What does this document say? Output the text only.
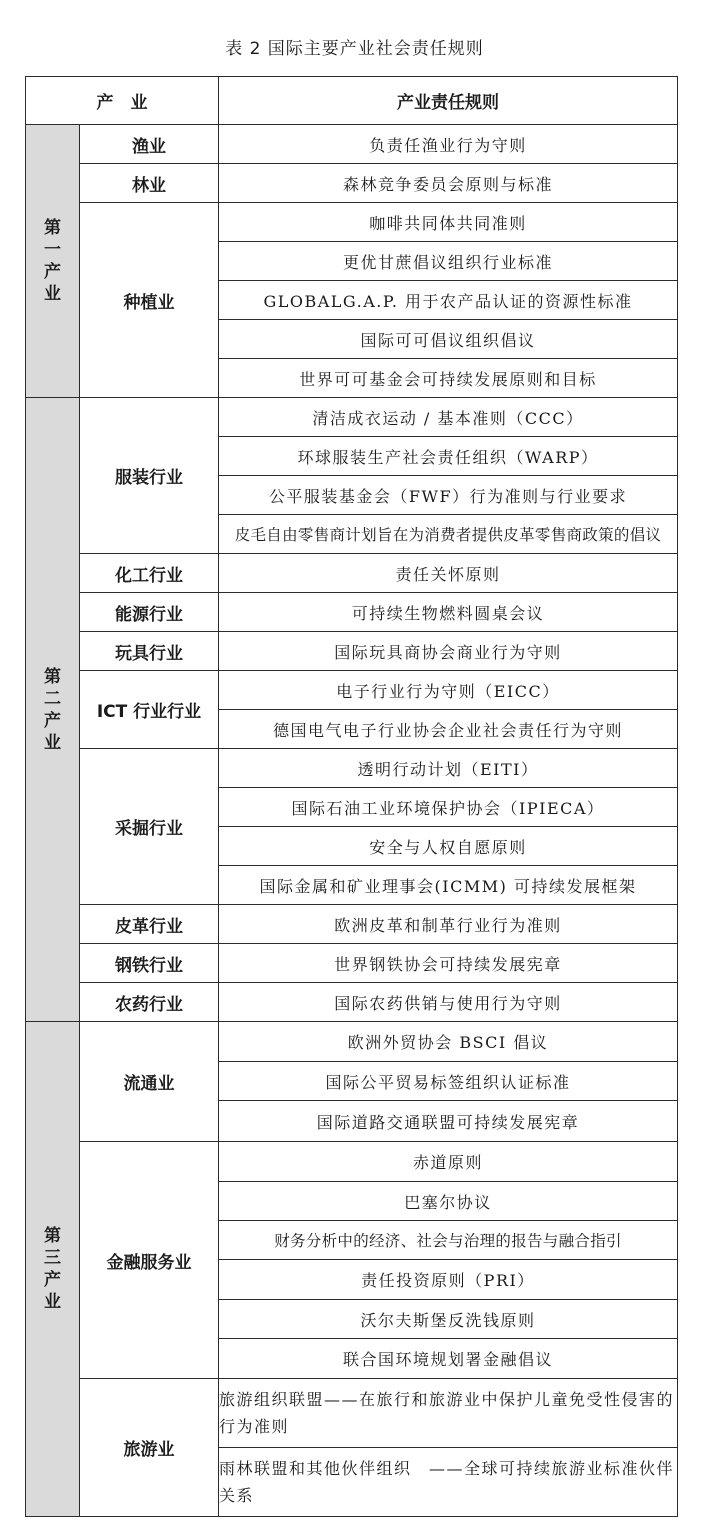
表 2 国际主要产业社会责任规则
产　业		产业责任规则

第一产业	渔业	负责任渔业行为守则
	林业	森林竞争委员会原则与标准
	种植业	咖啡共同体共同准则
		更优甘蔗倡议组织行业标准
		GLOBALG.A.P. 用于农产品认证的资源性标准
		国际可可倡议组织倡议
		世界可可基金会可持续发展原则和目标

第二产业	服装行业	清洁成衣运动 / 基本准则（CCC）
		环球服装生产社会责任组织（WARP）
		公平服装基金会（FWF）行为准则与行业要求
		皮毛自由零售商计划旨在为消费者提供皮革零售商政策的倡议
	化工行业	责任关怀原则
	能源行业	可持续生物燃料圆桌会议
	玩具行业	国际玩具商协会商业行为守则
	ICT 行业行业	电子行业行为守则（EICC）
		德国电气电子行业协会企业社会责任行为守则
	采掘行业	透明行动计划（EITI）
		国际石油工业环境保护协会（IPIECA）
		安全与人权自愿原则
		国际金属和矿业理事会(ICMM) 可持续发展框架
	皮革行业	欧洲皮革和制革行业行为准则
	钢铁行业	世界钢铁协会可持续发展宪章
	农药行业	国际农药供销与使用行为守则

第三产业	流通业	欧洲外贸协会 BSCI 倡议
		国际公平贸易标签组织认证标准
		国际道路交通联盟可持续发展宪章
	金融服务业	赤道原则
		巴塞尔协议
		财务分析中的经济、社会与治理的报告与融合指引
		责任投资原则（PRI）
		沃尔夫斯堡反洗钱原则
		联合国环境规划署金融倡议
	旅游业	旅游组织联盟——在旅行和旅游业中保护儿童免受性侵害的行为准则
		雨林联盟和其他伙伴组织　——全球可持续旅游业标准伙伴关系
